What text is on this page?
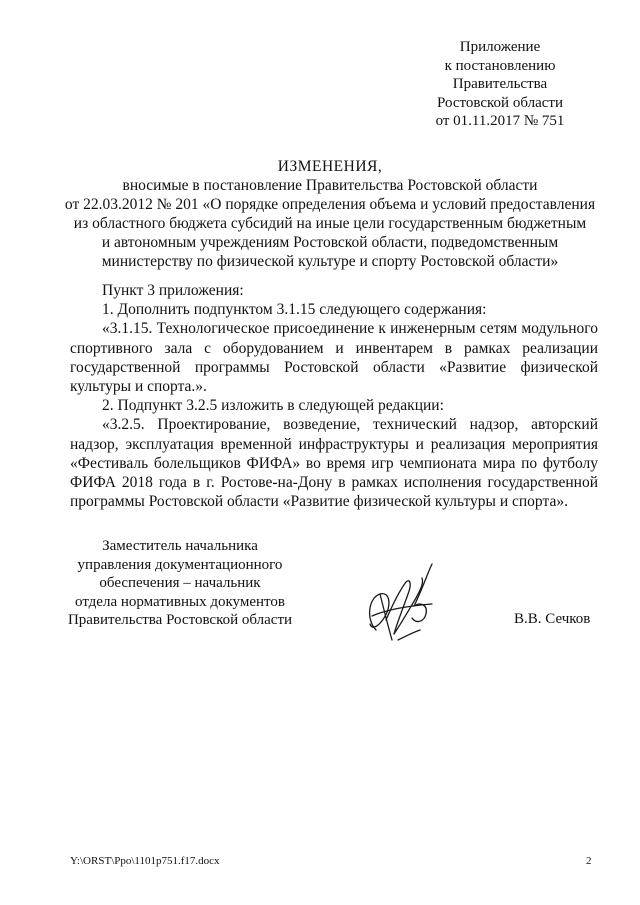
Приложение
к постановлению
Правительства
Ростовской области
от 01.11.2017 № 751
ИЗМЕНЕНИЯ,
вносимые в постановление Правительства Ростовской области
от 22.03.2012 № 201 «О порядке определения объема и условий предоставления
из областного бюджета субсидий на иные цели государственным бюджетным
и автономным учреждениям Ростовской области, подведомственным
министерству по физической культуре и спорту Ростовской области»

Пункт 3 приложения:

1. Дополнить подпунктом 3.1.15 следующего содержания:

«3.1.15. Технологическое присоединение к инженерным сетям модульного спортивного зала с оборудованием и инвентарем в рамках реализации государственной программы Ростовской области «Развитие физической культуры и спорта.».

2. Подпункт 3.2.5 изложить в следующей редакции:

«3.2.5. Проектирование, возведение, технический надзор, авторский надзор, эксплуатация временной инфраструктуры и реализация мероприятия «Фестиваль болельщиков ФИФА» во время игр чемпионата мира по футболу ФИФА 2018 года в г. Ростове-на-Дону в рамках исполнения государственной программы Ростовской области «Развитие физической культуры и спорта».

Заместитель начальника
управления документационного
обеспечения – начальник
отдела нормативных документов
Правительства Ростовской области	В.В. Сечков
Y:\ORST\Ppo\1101p751.f17.docx	2
